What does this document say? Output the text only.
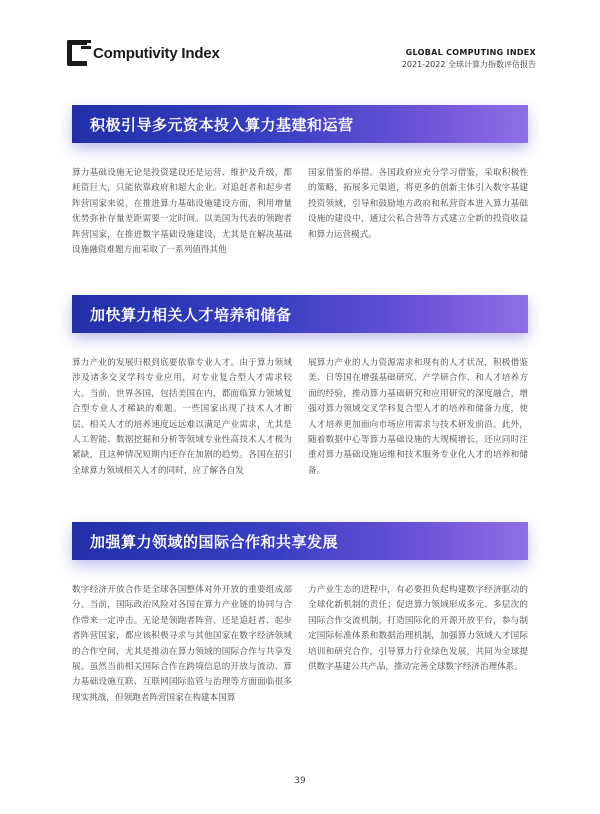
Computivity Index	GLOBAL COMPUTING INDEX
2021-2022 全球计算力指数评估报告
积极引导多元资本投入算力基建和运营

算力基础设施无论是投资建设还是运营、维护及升级，都耗资巨大，只能依靠政府和超大企业。对追赶者和起步者阵营国家来说，在推进算力基础设施建设方面，利用增量优势弥补存量差距需要一定时间。以美国为代表的领跑者阵营国家，在推进数字基础设施建设，尤其是在解决基础设施融资难题方面采取了一系列值得其他

国家借鉴的举措。各国政府应充分学习借鉴，采取积极性的策略，拓展多元渠道，将更多的创新主体引入数字基建投资领域，引导和鼓励地方政府和私营资本进入算力基础设施的建设中，通过公私合营等方式建立全新的投资收益和算力运营模式。

加快算力相关人才培养和储备

算力产业的发展归根到底要依靠专业人才。由于算力领域涉及诸多交叉学科专业应用，对专业复合型人才需求较大。当前，世界各国，包括美国在内，都面临算力领域复合型专业人才稀缺的难题。一些国家出现了技术人才断层。相关人才的培养速度远远难以满足产业需求，尤其是人工智能、数据挖掘和分析等领域专业性高技术人才极为紧缺，且这种情况短期内还存在加剧的趋势。各国在招引全球算力领域相关人才的同时，应了解各自发

展算力产业的人力资源需求和现有的人才状况，积极借鉴美、日等国在增强基础研究、产学研合作、和人才培养方面的经验，推动算力基础研究和应用研究的深度融合，增强对算力领域交叉学科复合型人才的培养和储备力度，使人才培养更加面向市场应用需求与技术研发前沿。此外，随着数据中心等算力基础设施的大规模增长，还应同时注重对算力基础设施运维和技术服务专业化人才的培养和储备。

加强算力领域的国际合作和共享发展

数字经济开放合作是全球各国整体对外开放的重要组成部分。当前，国际政治风险对各国在算力产业链的协同与合作带来一定冲击。无论是领跑者阵营、还是追赶者、起步者阵营国家，都应该积极寻求与其他国家在数字经济领域的合作空间，尤其是推动在算力领域的国际合作与共享发展。虽然当前相关国际合作在跨境信息的开放与流动、算力基础设施互联、互联网国际监管与治理等方面面临很多现实挑战，但领跑者阵营国家在构建本国算

力产业生态的进程中，有必要担负起构建数字经济驱动的全球化新机制的责任；促进算力领域形成多元、多层次的国际合作交流机制，打造国际化的开源开放平台，参与制定国际标准体系和数据治理机制，加强算力领域人才国际培训和研究合作，引导算力行业绿色发展，共同为全球提供数字基建公共产品，推动完善全球数字经济治理体系。

39
